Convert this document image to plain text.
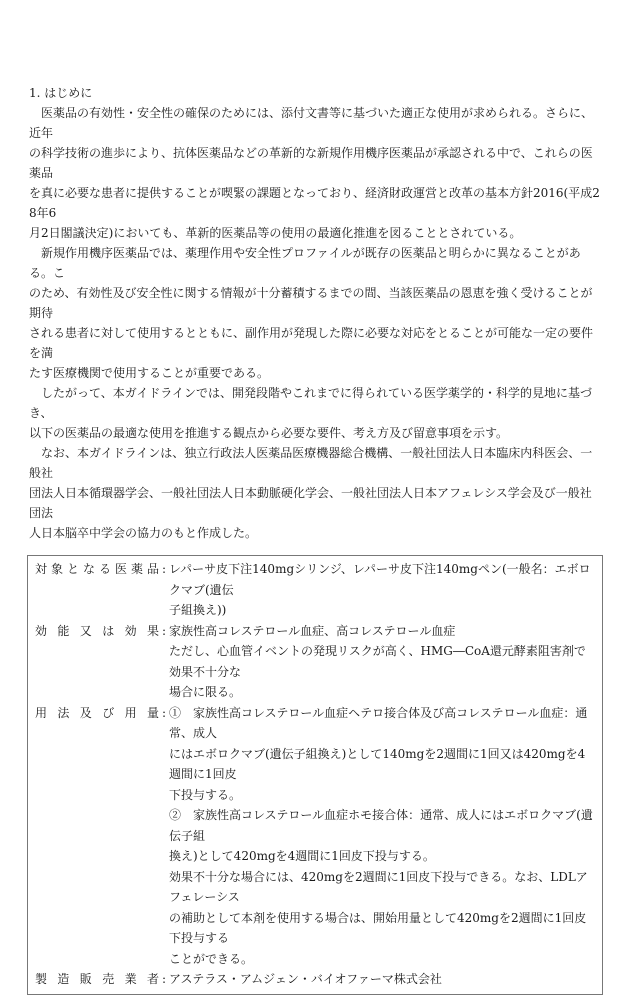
1. はじめに
　医薬品の有効性・安全性の確保のためには、添付文書等に基づいた適正な使用が求められる。さらに、近年
の科学技術の進歩により、抗体医薬品などの革新的な新規作用機序医薬品が承認される中で、これらの医薬品
を真に必要な患者に提供することが喫緊の課題となっており、経済財政運営と改革の基本方針2016(平成28年6
月2日閣議決定)においても、革新的医薬品等の使用の最適化推進を図ることとされている。
　新規作用機序医薬品では、薬理作用や安全性プロファイルが既存の医薬品と明らかに異なることがある。こ
のため、有効性及び安全性に関する情報が十分蓄積するまでの間、当該医薬品の恩恵を強く受けることが期待
される患者に対して使用するとともに、副作用が発現した際に必要な対応をとることが可能な一定の要件を満
たす医療機関で使用することが重要である。
　したがって、本ガイドラインでは、開発段階やこれまでに得られている医学薬学的・科学的見地に基づき、
以下の医薬品の最適な使用を推進する観点から必要な要件、考え方及び留意事項を示す。
　なお、本ガイドラインは、独立行政法人医薬品医療機器総合機構、一般社団法人日本臨床内科医会、一般社
団法人日本循環器学会、一般社団法人日本動脈硬化学会、一般社団法人日本アフェレシス学会及び一般社団法
人日本脳卒中学会の協力のもと作成した。
対象となる医薬品 : レパーサ皮下注140mgシリンジ、レパーサ皮下注140mgペン(一般名：エボロクマブ(遺伝
子組換え))
効能又は効果 : 家族性高コレステロール血症、高コレステロール血症
ただし、心血管イベントの発現リスクが高く、HMG―CoA還元酵素阻害剤で効果不十分な
場合に限る。
用法及び用量 : ①　家族性高コレステロール血症ヘテロ接合体及び高コレステロール血症：通常、成人
にはエボロクマブ(遺伝子組換え)として140mgを2週間に1回又は420mgを4週間に1回皮
下投与する。
②　家族性高コレステロール血症ホモ接合体：通常、成人にはエボロクマブ(遺伝子組
換え)として420mgを4週間に1回皮下投与する。
効果不十分な場合には、420mgを2週間に1回皮下投与できる。なお、LDLアフェレーシス
の補助として本剤を使用する場合は、開始用量として420mgを2週間に1回皮下投与する
ことができる。
製造販売業者 : アステラス・アムジェン・バイオファーマ株式会社
